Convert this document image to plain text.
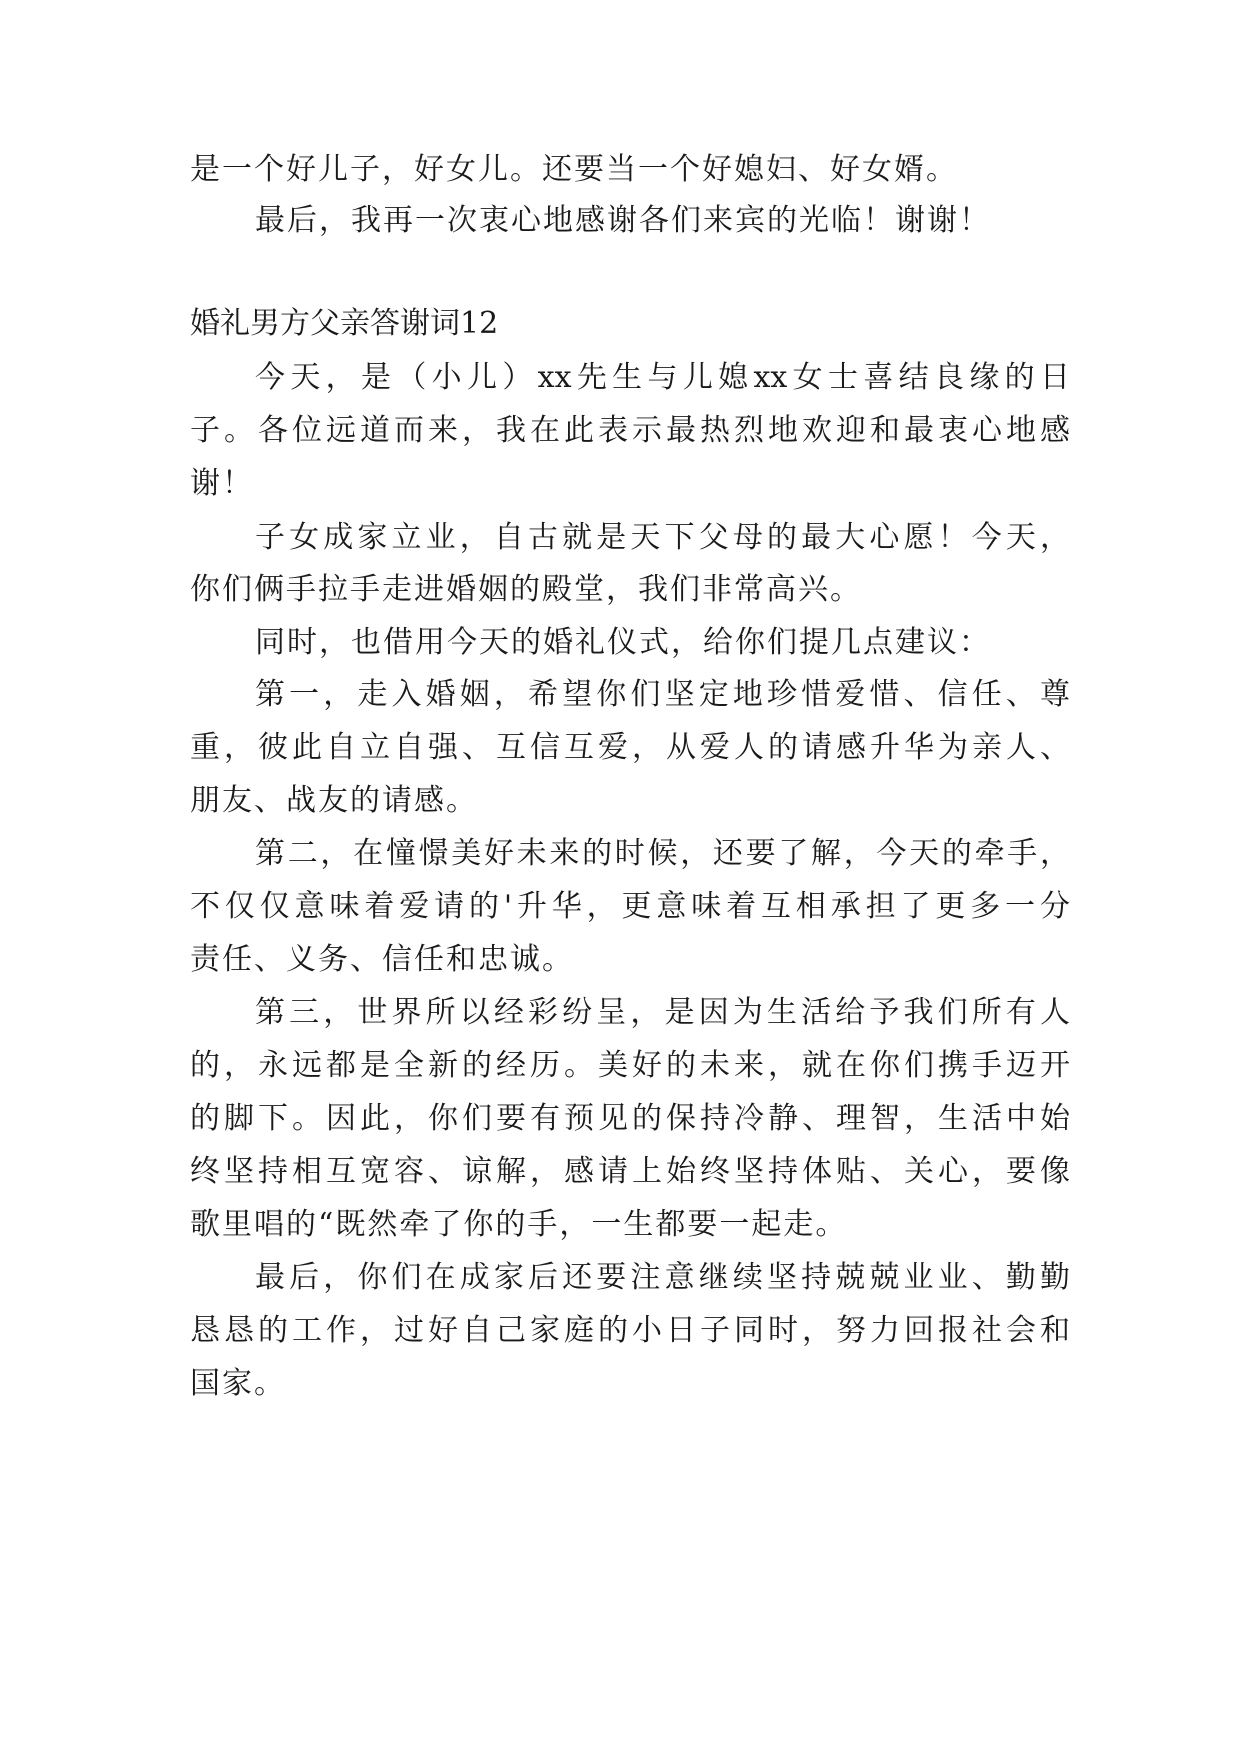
是一个好儿子，好女儿。还要当一个好媳妇、好女婿。
最后，我再一次衷心地感谢各们来宾的光临！谢谢！
婚礼男方父亲答谢词12
今天，是（小儿）xx先生与儿媳xx女士喜结良缘的日
子。各位远道而来，我在此表示最热烈地欢迎和最衷心地感
谢！
子女成家立业，自古就是天下父母的最大心愿！今天，
你们俩手拉手走进婚姻的殿堂，我们非常高兴。
同时，也借用今天的婚礼仪式，给你们提几点建议：
第一，走入婚姻，希望你们坚定地珍惜爱惜、信任、尊
重，彼此自立自强、互信互爱，从爱人的请感升华为亲人、
朋友、战友的请感。
第二，在憧憬美好未来的时候，还要了解，今天的牵手，
不仅仅意味着爱请的'升华，更意味着互相承担了更多一分
责任、义务、信任和忠诚。
第三，世界所以经彩纷呈，是因为生活给予我们所有人
的，永远都是全新的经历。美好的未来，就在你们携手迈开
的脚下。因此，你们要有预见的保持冷静、理智，生活中始
终坚持相互宽容、谅解，感请上始终坚持体贴、关心，要像
歌里唱的“既然牵了你的手，一生都要一起走。
最后，你们在成家后还要注意继续坚持兢兢业业、勤勤
恳恳的工作，过好自己家庭的小日子同时，努力回报社会和
国家。
